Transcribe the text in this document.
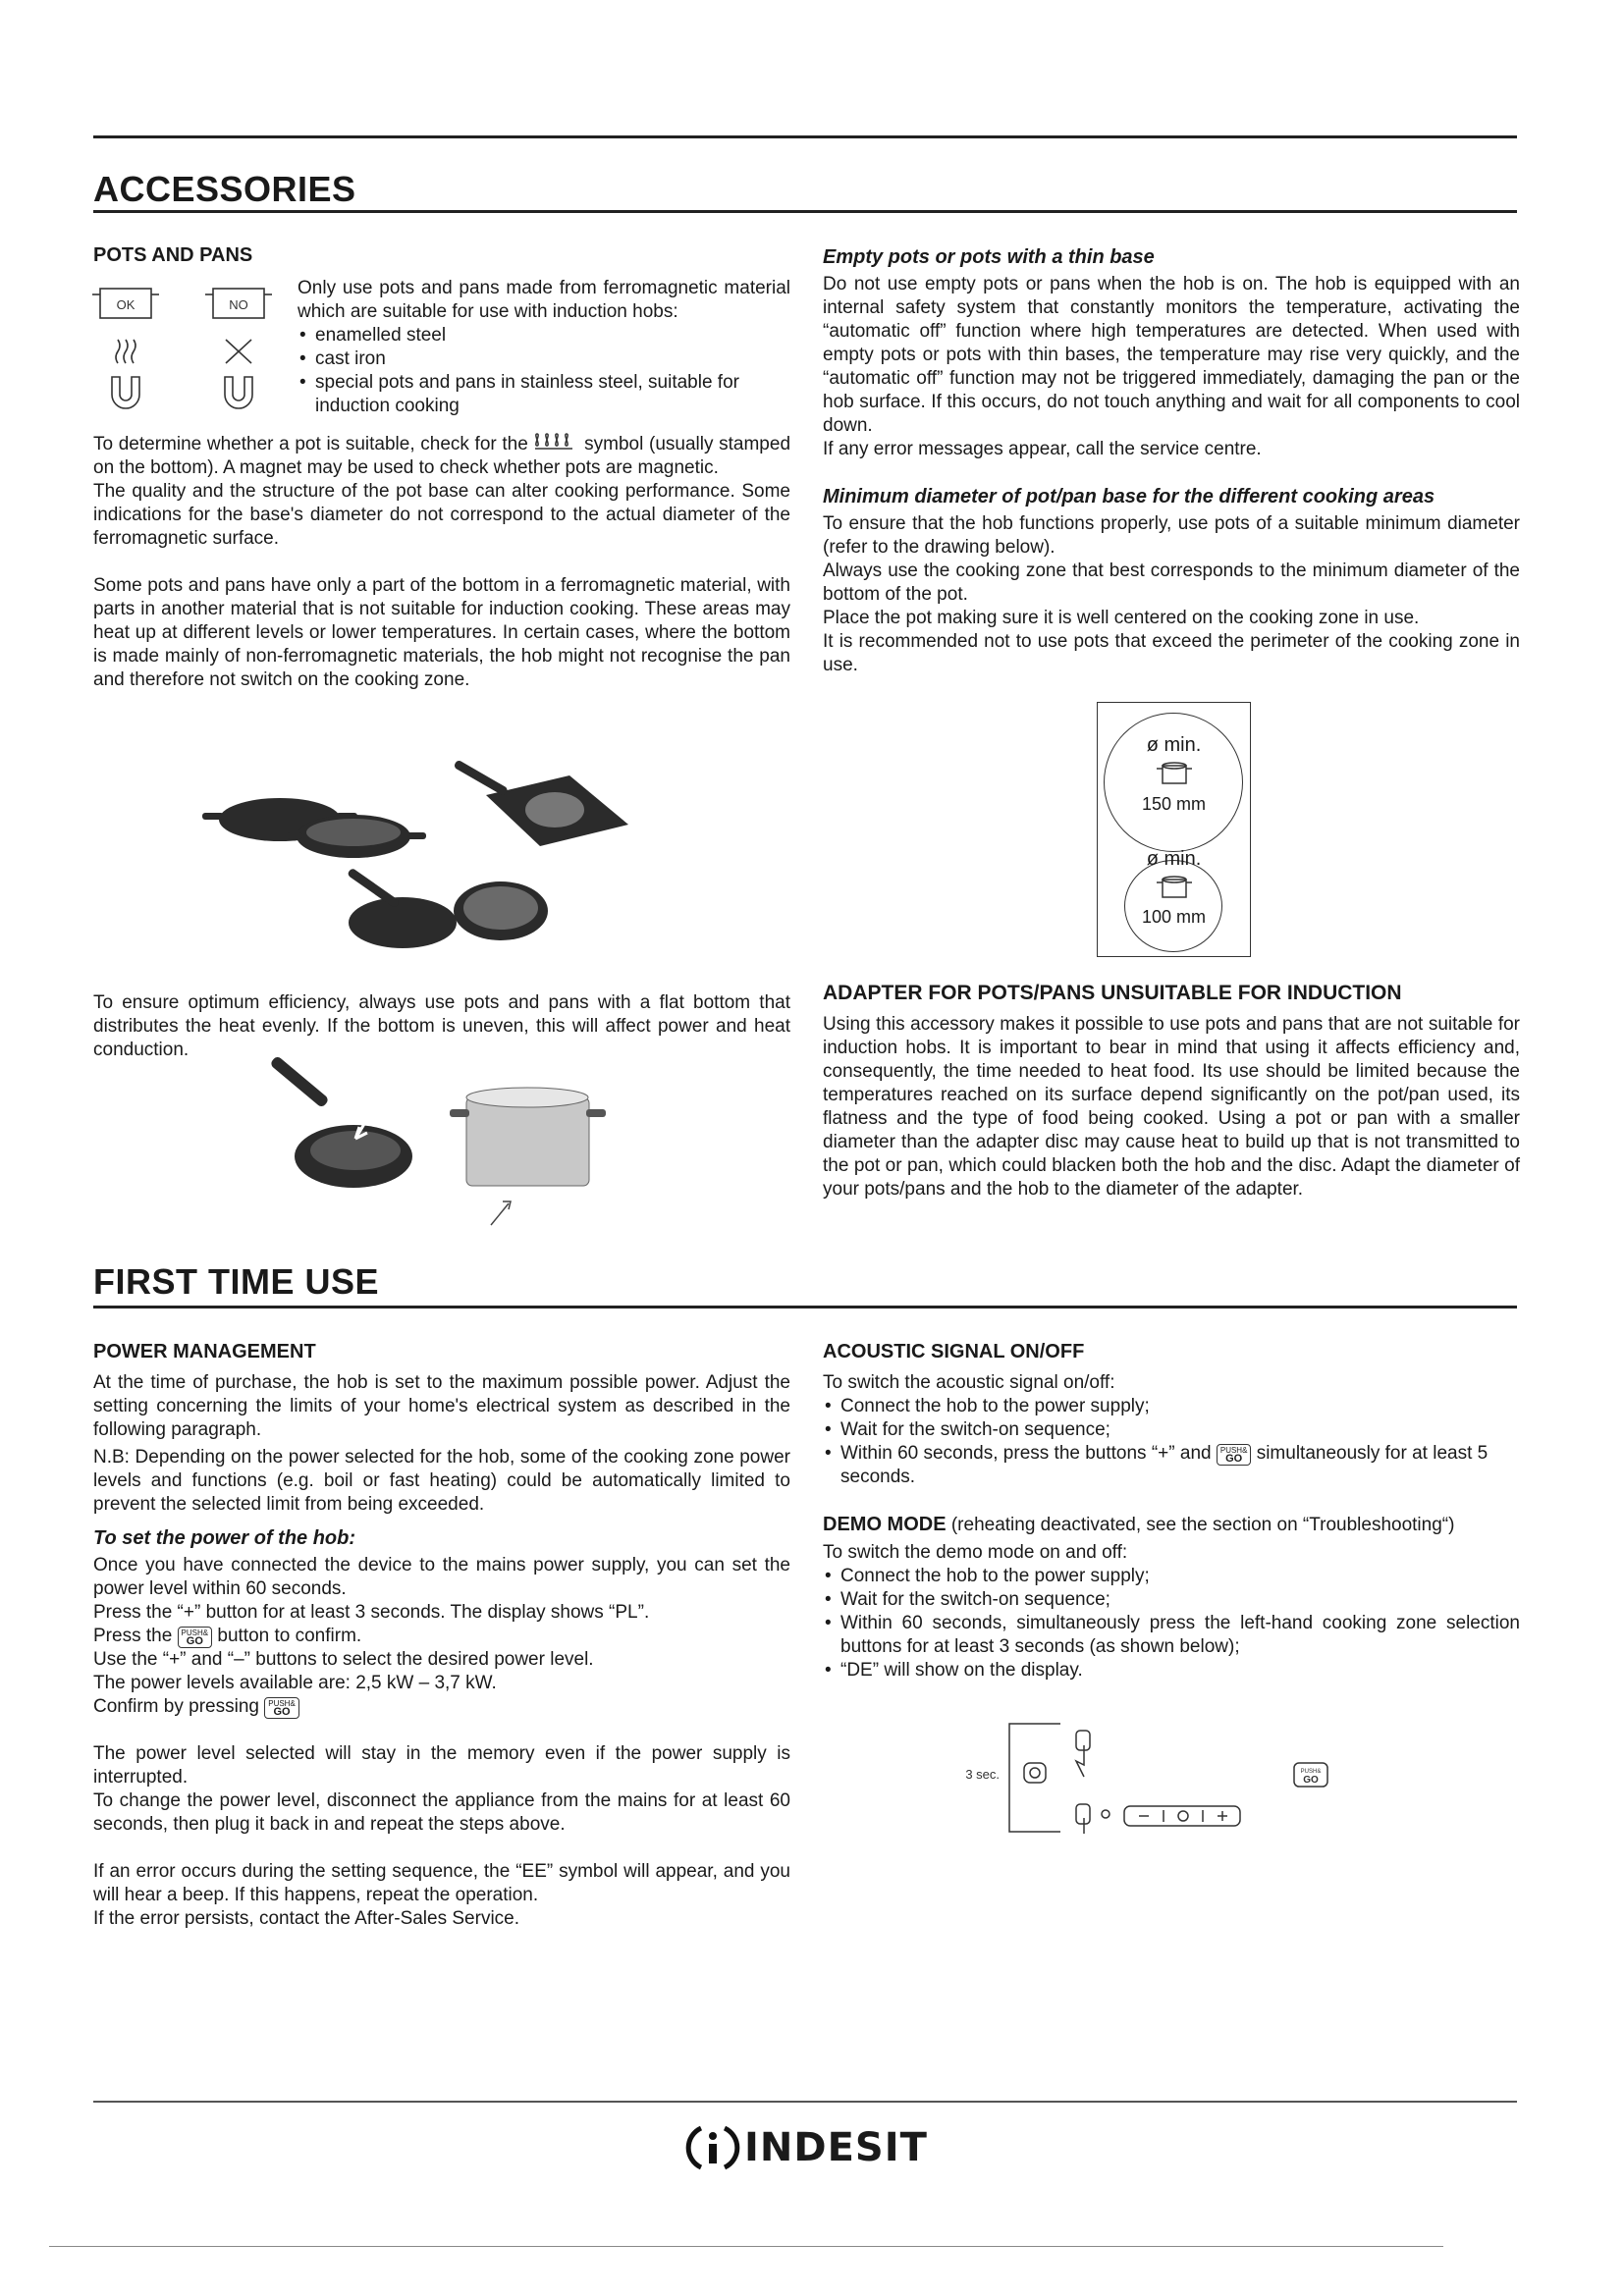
ACCESSORIES
POTS AND PANS
OK	NO

Only use pots and pans made from ferromagnetic material which are suitable for use with induction hobs:

• enamelled steel
• cast iron
• special pots and pans in stainless steel, suitable for induction cooking

To determine whether a pot is suitable, check for the	symbol (usually stamped on the bottom). A magnet may be used to check whether pots are magnetic.

The quality and the structure of the pot base can alter cooking performance. Some indications for the base's diameter do not correspond to the actual diameter of the ferromagnetic surface.

Some pots and pans have only a part of the bottom in a ferromagnetic material, with parts in another material that is not suitable for induction cooking. These areas may heat up at different levels or lower temperatures. In certain cases, where the bottom is made mainly of non-ferromagnetic materials, the hob might not recognise the pan and therefore not switch on the cooking zone.

To ensure optimum efficiency, always use pots and pans with a flat bottom that distributes the heat evenly. If the bottom is uneven, this will affect power and heat conduction.

Empty pots or pots with a thin base

Do not use empty pots or pans when the hob is on. The hob is equipped with an internal safety system that constantly monitors the temperature, activating the “automatic off” function where high temperatures are detected. When used with empty pots or pots with thin bases, the temperature may rise very quickly, and the “automatic off” function may not be triggered immediately, damaging the pan or the hob surface. If this occurs, do not touch anything and wait for all components to cool down.

If any error messages appear, call the service centre.

Minimum diameter of pot/pan base for the different cooking areas

To ensure that the hob functions properly, use pots of a suitable minimum diameter (refer to the drawing below).

Always use the cooking zone that best corresponds to the minimum diameter of the bottom of the pot.

Place the pot making sure it is well centered on the cooking zone in use.

It is recommended not to use pots that exceed the perimeter of the cooking zone in use.

ø min.
150 mm
ø min.
100 mm
ADAPTER FOR POTS/PANS UNSUITABLE FOR INDUCTION

Using this accessory makes it possible to use pots and pans that are not suitable for induction hobs. It is important to bear in mind that using it affects efficiency and, consequently, the time needed to heat food. Its use should be limited because the temperatures reached on its surface depend significantly on the pot/pan used, its flatness and the type of food being cooked. Using a pot or pan with a smaller diameter than the adapter disc may cause heat to build up that is not transmitted to the pot or pan, which could blacken both the hob and the disc. Adapt the diameter of your pots/pans and the hob to the diameter of the adapter.

FIRST TIME USE
POWER MANAGEMENT

At the time of purchase, the hob is set to the maximum possible power. Adjust the setting concerning the limits of your home's electrical system as described in the following paragraph.

N.B: Depending on the power selected for the hob, some of the cooking zone power levels and functions (e.g. boil or fast heating) could be automatically limited to prevent the selected limit from being exceeded.

To set the power of the hob:

Once you have connected the device to the mains power supply, you can set the power level within 60 seconds.

Press the “+” button for at least 3 seconds. The display shows “PL”.

Press the PUSH&
GO button to confirm.

Use the “+” and “–” buttons to select the desired power level.

The power levels available are: 2,5 kW – 3,7 kW.

Confirm by pressing PUSH&
GO

The power level selected will stay in the memory even if the power supply is interrupted.

To change the power level, disconnect the appliance from the mains for at least 60 seconds, then plug it back in and repeat the steps above.

If an error occurs during the setting sequence, the “EE” symbol will appear, and you will hear a beep. If this happens, repeat the operation.

If the error persists, contact the After-Sales Service.

ACOUSTIC SIGNAL ON/OFF

To switch the acoustic signal on/off:

• Connect the hob to the power supply;
• Wait for the switch-on sequence;
• Within 60 seconds, press the buttons “+” and PUSH&
GO simultaneously for at least 5 seconds.

DEMO MODE (reheating deactivated, see the section on “Troubleshooting“)

To switch the demo mode on and off:

• Connect the hob to the power supply;
• Wait for the switch-on sequence;
• Within 60 seconds, simultaneously press the left-hand cooking zone selection buttons for at least 3 seconds (as shown below);
• “DE” will show on the display.
3 sec.	PUSH&
GO
INDESIT
